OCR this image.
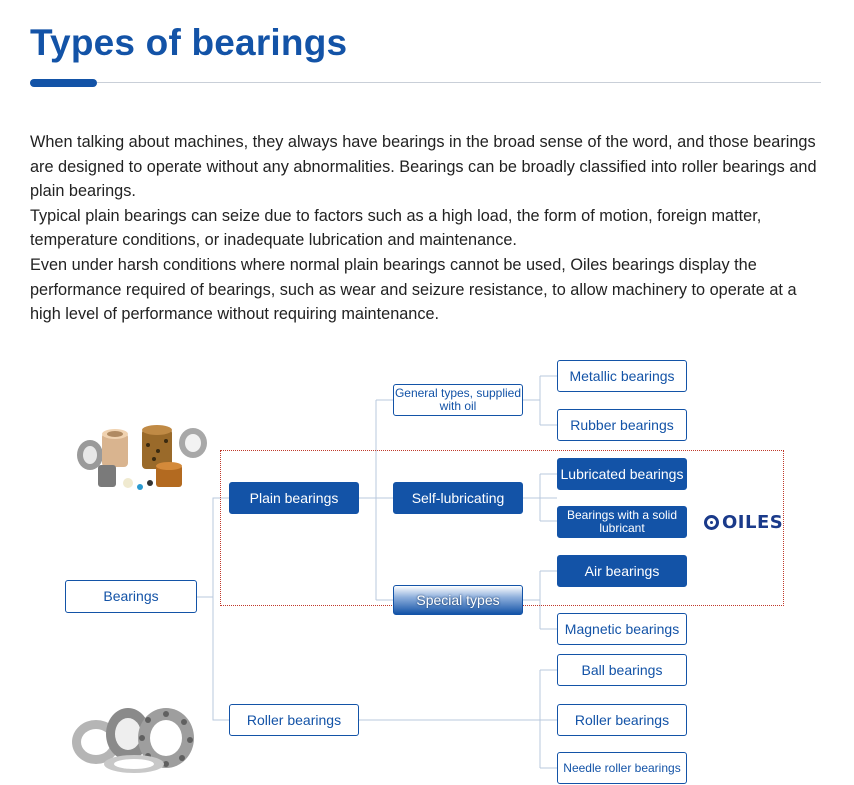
Types of bearings

When talking about machines, they always have bearings in the broad sense of the word, and those bearings are designed to operate without any abnormalities. Bearings can be broadly classified into roller bearings and plain bearings.

Typical plain bearings can seize due to factors such as a high load, the form of motion, foreign matter, temperature conditions, or inadequate lubrication and maintenance.

Even under harsh conditions where normal plain bearings cannot be used, Oiles bearings display the performance required of bearings, such as wear and seizure resistance, to allow machinery to operate at a high level of performance without requiring maintenance.

Bearings
Plain bearings
Roller bearings
General types, supplied with oil
Self-lubricating
Special types
Metallic bearings
Rubber bearings
Lubricated bearings
Bearings with a solid lubricant
Air bearings
Magnetic bearings
Ball bearings
Roller bearings
Needle roller bearings
OILES
